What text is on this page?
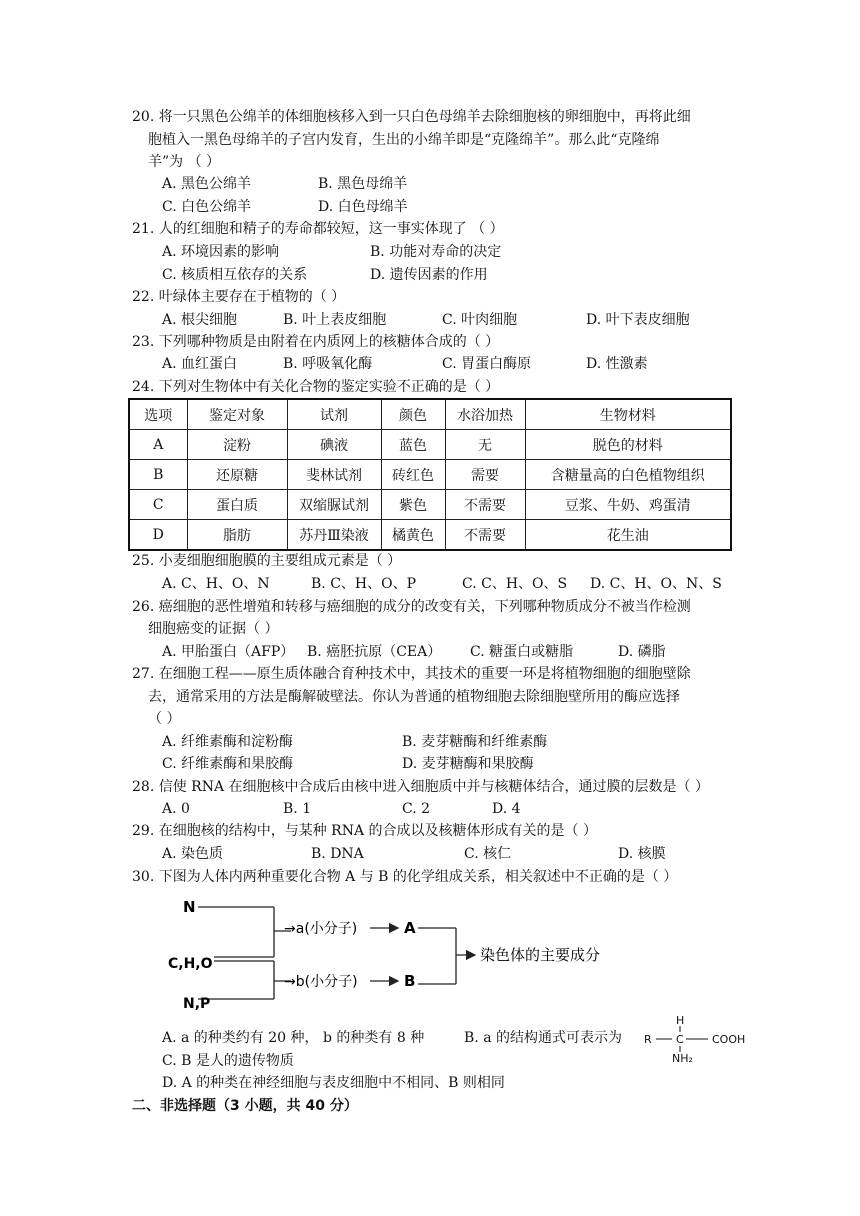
20. 将一只黑色公绵羊的体细胞核移入到一只白色母绵羊去除细胞核的卵细胞中，再将此细
胞植入一黑色母绵羊的子宫内发育，生出的小绵羊即是“克隆绵羊”。那么此“克隆绵
羊”为 （ ）
A. 黑色公绵羊	B. 黑色母绵羊
C. 白色公绵羊	D. 白色母绵羊
21. 人的红细胞和精子的寿命都较短，这一事实体现了 （ ）
A. 环境因素的影响	B. 功能对寿命的决定
C. 核质相互依存的关系	D. 遗传因素的作用
22. 叶绿体主要存在于植物的（ ）
A. 根尖细胞	B. 叶上表皮细胞	C. 叶肉细胞	D. 叶下表皮细胞
23. 下列哪种物质是由附着在内质网上的核糖体合成的（ ）
A. 血红蛋白	B. 呼吸氧化酶	C. 胃蛋白酶原	D. 性激素
24. 下列对生物体中有关化合物的鉴定实验不正确的是（ ）
选项	鉴定对象	试剂	颜色	水浴加热	生物材料
A	淀粉	碘液	蓝色	无	脱色的材料
B	还原糖	斐林试剂	砖红色	需要	含糖量高的白色植物组织
C	蛋白质	双缩脲试剂	紫色	不需要	豆浆、牛奶、鸡蛋清
D	脂肪	苏丹Ⅲ染液	橘黄色	不需要	花生油
25. 小麦细胞细胞膜的主要组成元素是（ ）
A. C、H、O、N	B. C、H、O、P	C. C、H、O、S D. C、H、O、N、S
26. 癌细胞的恶性增殖和转移与癌细胞的成分的改变有关，下列哪种物质成分不被当作检测
细胞癌变的证据（ ）
A. 甲胎蛋白（AFP） B. 癌胚抗原（CEA） C. 糖蛋白或糖脂	D. 磷脂
27. 在细胞工程——原生质体融合育种技术中，其技术的重要一环是将植物细胞的细胞壁除
去，通常采用的方法是酶解破壁法。你认为普通的植物细胞去除细胞壁所用的酶应选择
（ ）
A. 纤维素酶和淀粉酶	B. 麦芽糖酶和纤维素酶
C. 纤维素酶和果胶酶	D. 麦芽糖酶和果胶酶
28. 信使 RNA 在细胞核中合成后由核中进入细胞质中并与核糖体结合，通过膜的层数是（ ）
A. 0	B. 1	C. 2	D. 4
29. 在细胞核的结构中，与某种 RNA 的合成以及核糖体形成有关的是（ ）
A. 染色质	B. DNA	C. 核仁	D. 核膜
30. 下图为人体内两种重要化合物 A 与 B 的化学组成关系，相关叙述中不正确的是（ ）
N
C,H,O
N,P
→a(小分子)
→b(小分子)
A
B
染色体的主要成分
A. a 的种类约有 20 种， b 的种类有 8 种	B. a 的结构通式可表示为 R
H
C	COOH
NH₂
C. B 是人的遗传物质
D. A 的种类在神经细胞与表皮细胞中不相同、B 则相同
二、非选择题（3 小题，共 40 分）
